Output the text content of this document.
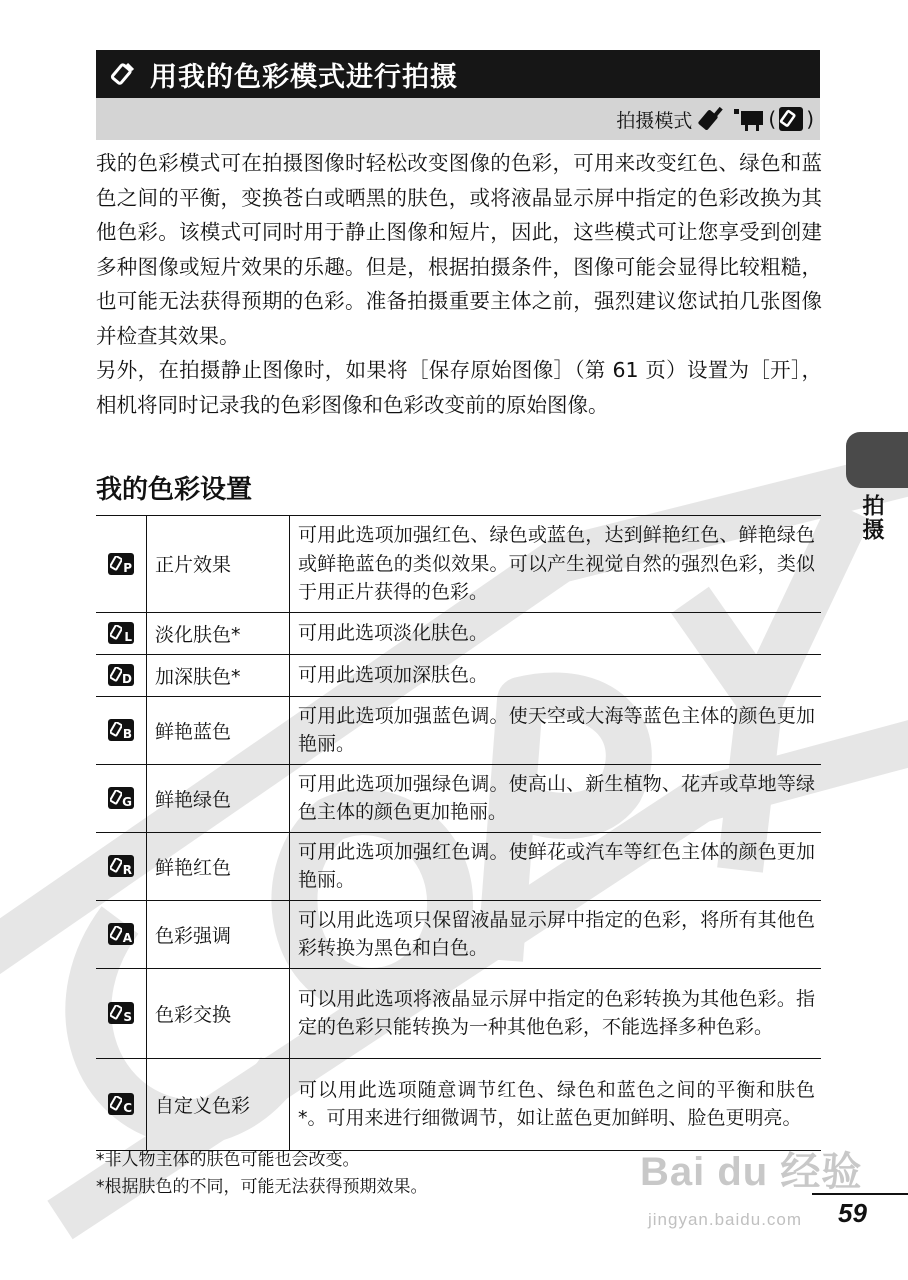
用我的色彩模式进行拍摄
拍摄模式	( )

我的色彩模式可在拍摄图像时轻松改变图像的色彩，可用来改变红色、绿色和蓝色之间的平衡，变换苍白或晒黑的肤色，或将液晶显示屏中指定的色彩改换为其他色彩。该模式可同时用于静止图像和短片，因此，这些模式可让您享受到创建多种图像或短片效果的乐趣。但是，根据拍摄条件，图像可能会显得比较粗糙，也可能无法获得预期的色彩。准备拍摄重要主体之前，强烈建议您试拍几张图像并检查其效果。

另外，在拍摄静止图像时，如果将［保存原始图像］（第 61 页）设置为［开］，相机将同时记录我的色彩图像和色彩改变前的原始图像。

我的色彩设置
P	正片效果	可用此选项加强红色、绿色或蓝色，达到鲜艳红色、鲜艳绿色或鲜艳蓝色的类似效果。可以产生视觉自然的强烈色彩，类似于用正片获得的色彩。

L	淡化肤色*	可用此选项淡化肤色。

D	加深肤色*	可用此选项加深肤色。

B	鲜艳蓝色	可用此选项加强蓝色调。使天空或大海等蓝色主体的颜色更加艳丽。

G	鲜艳绿色	可用此选项加强绿色调。使高山、新生植物、花卉或草地等绿色主体的颜色更加艳丽。

R	鲜艳红色	可用此选项加强红色调。使鲜花或汽车等红色主体的颜色更加艳丽。

A	色彩强调	可以用此选项只保留液晶显示屏中指定的色彩，将所有其他色彩转换为黑色和白色。

S	色彩交换	可以用此选项将液晶显示屏中指定的色彩转换为其他色彩。指定的色彩只能转换为一种其他色彩，不能选择多种色彩。

C	自定义色彩	可以用此选项随意调节红色、绿色和蓝色之间的平衡和肤色 *。可用来进行细微调节，如让蓝色更加鲜明、脸色更明亮。

*非人物主体的肤色可能也会改变。

*根据肤色的不同，可能无法获得预期效果。

拍摄
59
Bai du 经验
jingyan.baidu.com
